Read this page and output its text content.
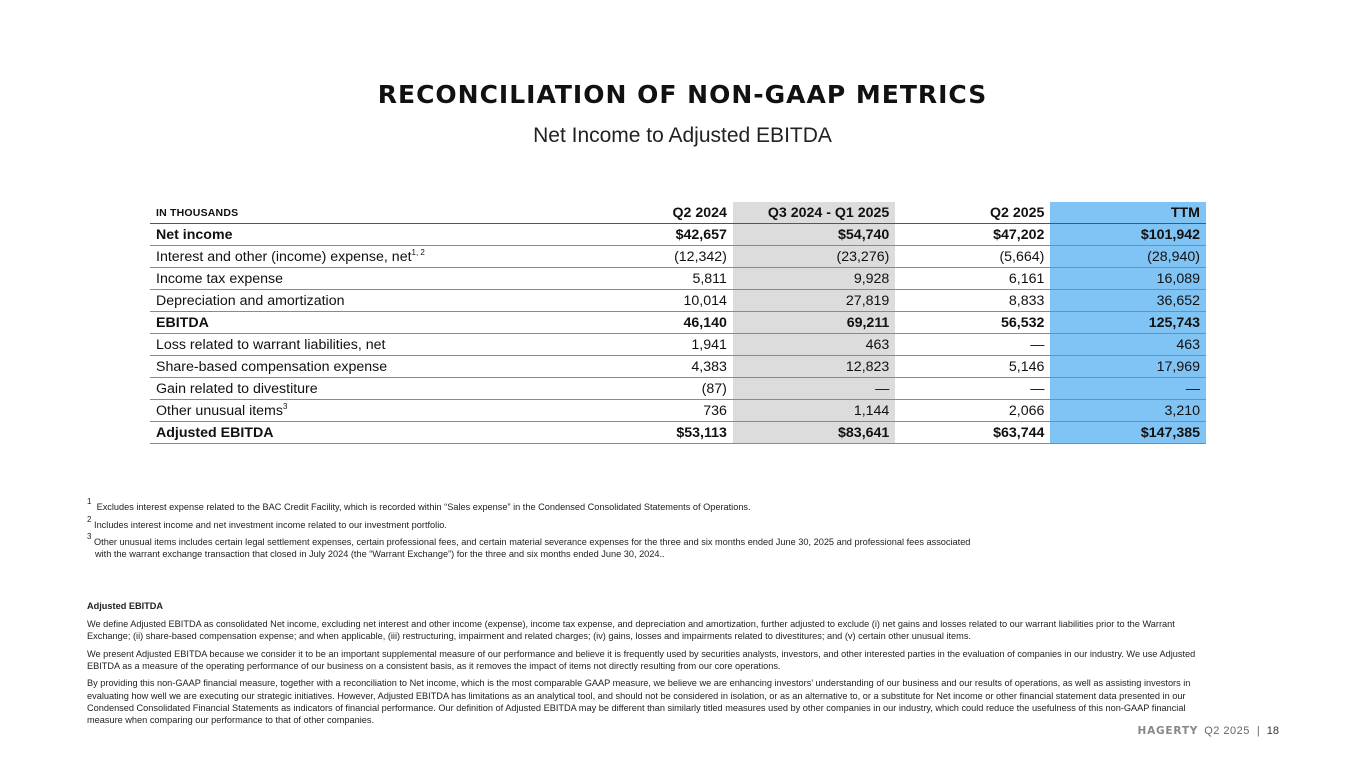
RECONCILIATION OF NON-GAAP METRICS
Net Income to Adjusted EBITDA
IN THOUSANDS	Q2 2024	Q3 2024 - Q1 2025	Q2 2025	TTM
Net income	$42,657	$54,740	$47,202	$101,942
Interest and other (income) expense, net$^{1, 2}$	(12,342)	(23,276)	(5,664)	(28,940)
Income tax expense	5,811	9,928	6,161	16,089
Depreciation and amortization	10,014	27,819	8,833	36,652
EBITDA	46,140	69,211	56,532	125,743
Loss related to warrant liabilities, net	1,941	463	—	463
Share-based compensation expense	4,383	12,823	5,146	17,969
Gain related to divestiture	(87)	—	—	—
Other unusual items$^3$	736	1,144	2,066	3,210
Adjusted EBITDA	$53,113	$83,641	$63,744	$147,385

$^1$  Excludes interest expense related to the BAC Credit Facility, which is recorded within “Sales expense” in the Condensed Consolidated Statements of Operations.

$^2$ Includes interest income and net investment income related to our investment portfolio.

$^3$ Other unusual items includes certain legal settlement expenses, certain professional fees, and certain material severance expenses for the three and six months ended June 30, 2025 and professional fees associated
with the warrant exchange transaction that closed in July 2024 (the “Warrant Exchange”) for the three and six months ended June 30, 2024..

Adjusted EBITDA

We define Adjusted EBITDA as consolidated Net income, excluding net interest and other income (expense), income tax expense, and depreciation and amortization, further adjusted to exclude (i) net gains and losses related to our warrant liabilities prior to the Warrant Exchange; (ii) share-based compensation expense; and when applicable, (iii) restructuring, impairment and related charges; (iv) gains, losses and impairments related to divestitures; and (v) certain other unusual items.

We present Adjusted EBITDA because we consider it to be an important supplemental measure of our performance and believe it is frequently used by securities analysts, investors, and other interested parties in the evaluation of companies in our industry. We use Adjusted EBITDA as a measure of the operating performance of our business on a consistent basis, as it removes the impact of items not directly resulting from our core operations.

By providing this non-GAAP financial measure, together with a reconciliation to Net income, which is the most comparable GAAP measure, we believe we are enhancing investors’ understanding of our business and our results of operations, as well as assisting investors in evaluating how well we are executing our strategic initiatives. However, Adjusted EBITDA has limitations as an analytical tool, and should not be considered in isolation, or as an alternative to, or a substitute for Net income or other financial statement data presented in our Condensed Consolidated Financial Statements as indicators of financial performance. Our definition of Adjusted EBITDA may be different than similarly titled measures used by other companies in our industry, which could reduce the usefulness of this non-GAAP financial measure when comparing our performance to that of other companies.

HAGERTY Q2 2025 | 18
